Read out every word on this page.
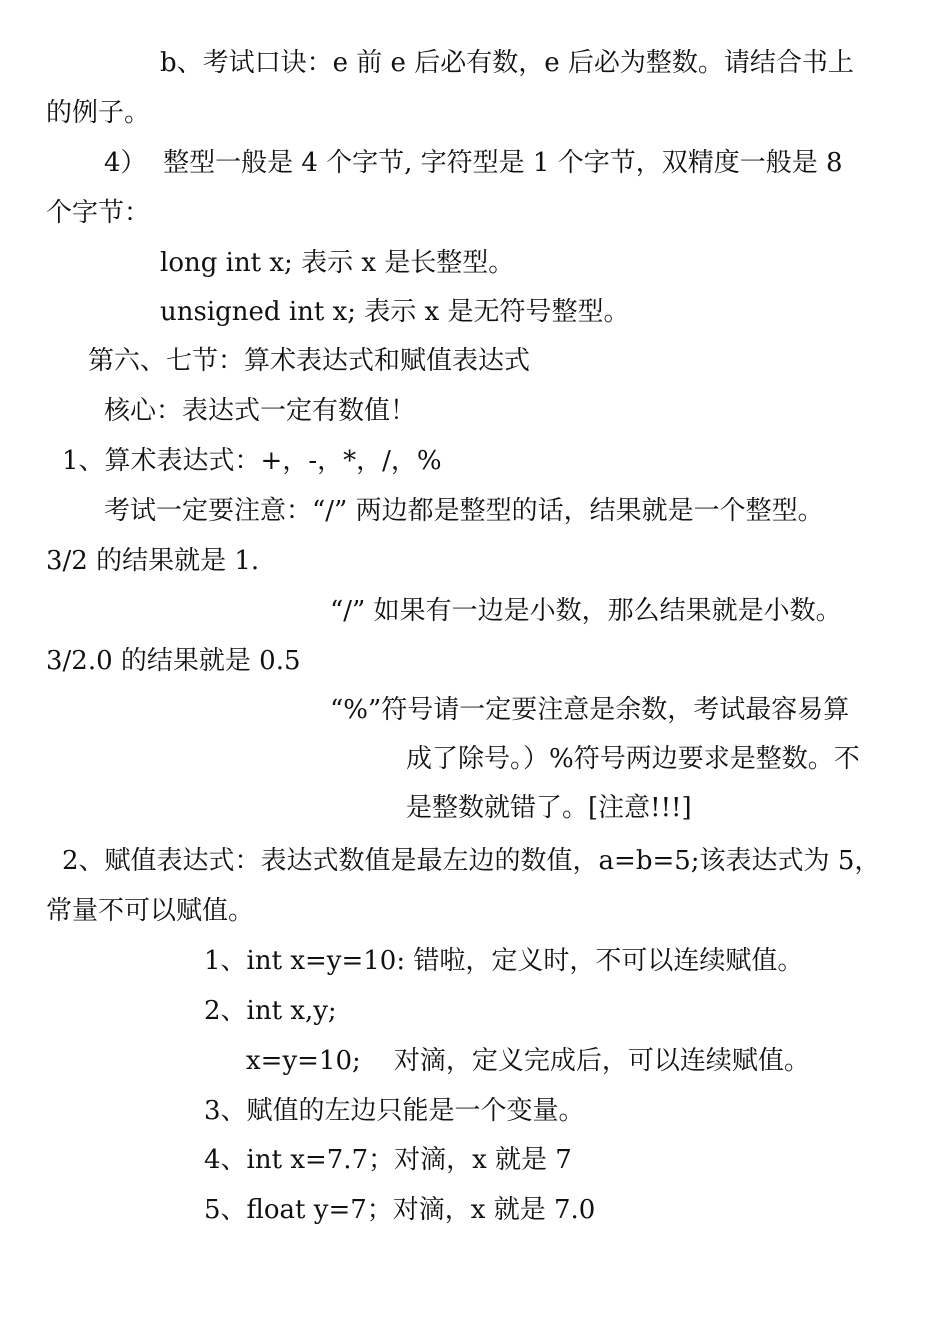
b、考试口诀：e 前 e 后必有数，e 后必为整数。请结合书上

的例子。

4）  整型一般是 4 个字节, 字符型是 1 个字节，双精度一般是 8

个字节：

long int x; 表示 x 是长整型。

unsigned int x; 表示 x 是无符号整型。

第六、七节：算术表达式和赋值表达式

核心：表达式一定有数值！

1、算术表达式：+，-，*，/，%

考试一定要注意：“/” 两边都是整型的话，结果就是一个整型。

3/2 的结果就是 1.

“/” 如果有一边是小数，那么结果就是小数。

3/2.0 的结果就是 0.5

“%”符号请一定要注意是余数，考试最容易算

成了除号。）%符号两边要求是整数。不

是整数就错了。[注意!!!]

2、赋值表达式：表达式数值是最左边的数值，a=b=5;该表达式为 5，

常量不可以赋值。

1、int x=y=10: 错啦，定义时，不可以连续赋值。

2、int x,y;

x=y=10;    对滴，定义完成后，可以连续赋值。

3、赋值的左边只能是一个变量。

4、int x=7.7；对滴，x 就是 7

5、float y=7；对滴，x 就是 7.0
